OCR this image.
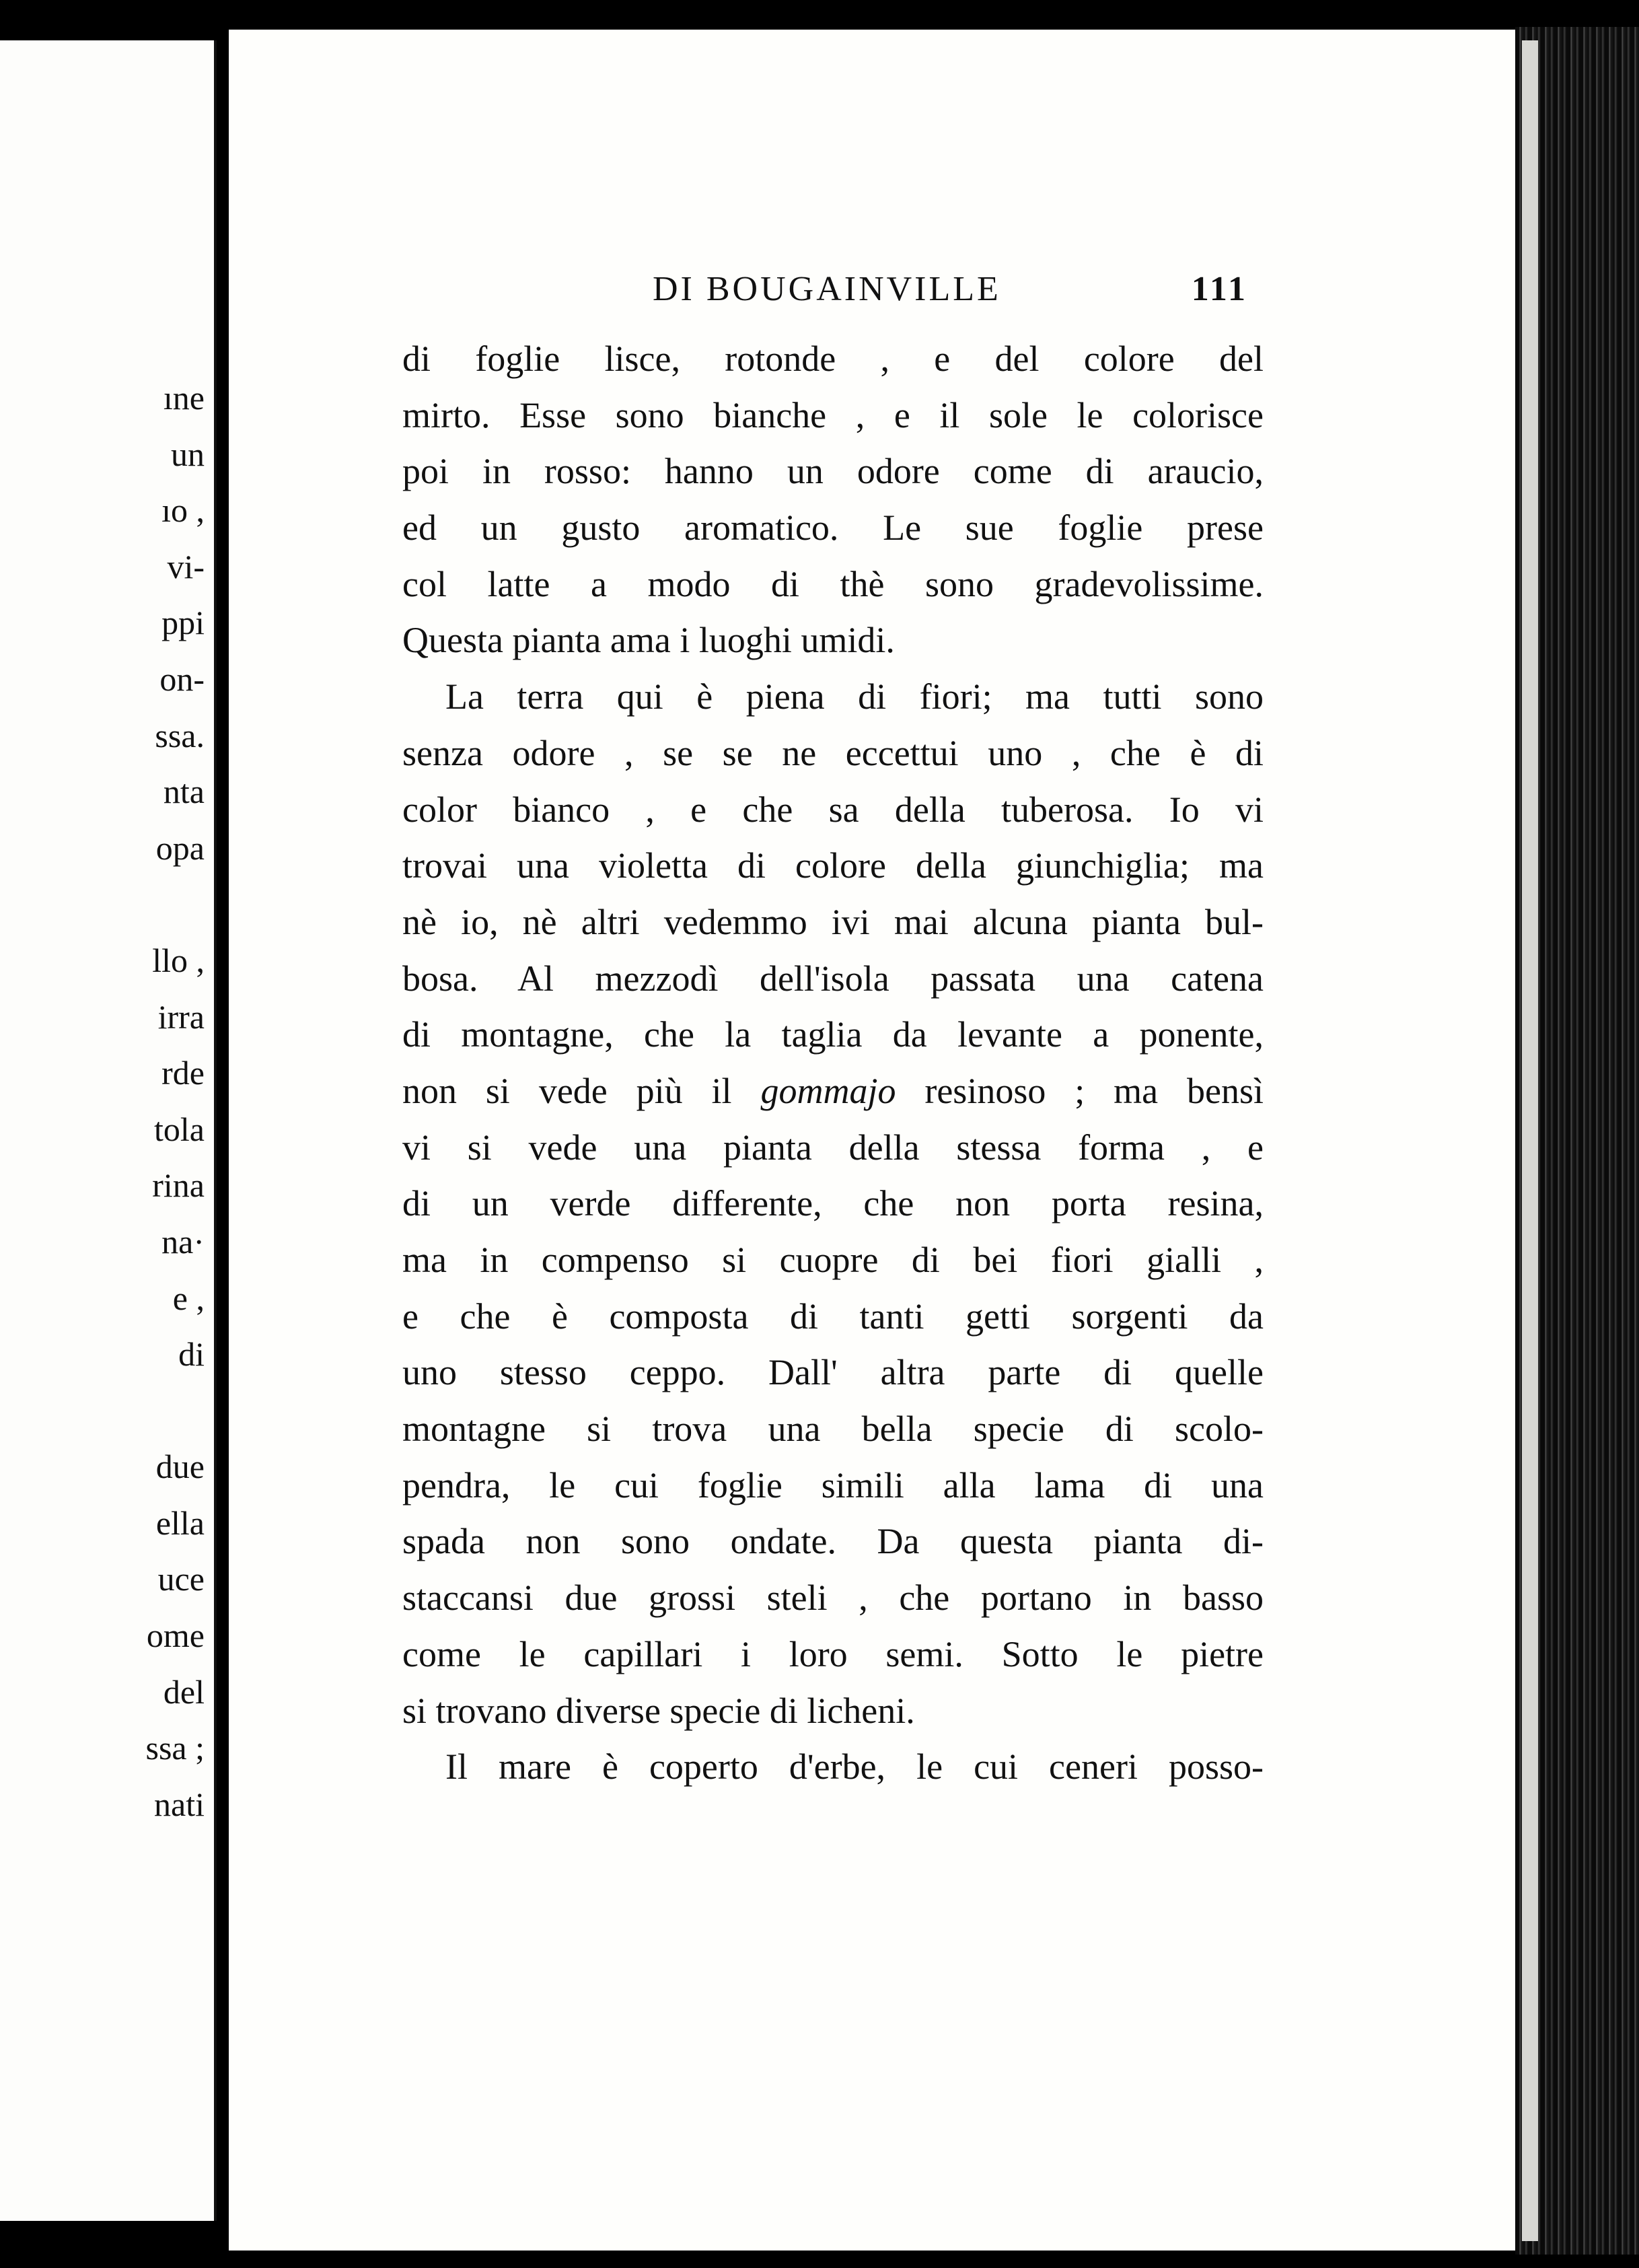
ıne
un
ıo ,
vi-
ppi
on-
ssa.
nta
opa
llo ,
irra
rde
tola
rina
na·
e ,
di
due
ella
uce
ome
del
ssa ;
nati
DI BOUGAINVILLE	111
di foglie lisce, rotonde , e del colore del
mirto. Esse sono bianche , e il sole le colorisce
poi in rosso: hanno un odore come di araucio,
ed un gusto aromatico. Le sue foglie prese
col latte a modo di thè sono gradevolissime.
Questa pianta ama i luoghi umidi.
La terra qui è piena di fiori; ma tutti sono
senza odore , se se ne eccettui uno , che è di
color bianco , e che sa della tuberosa. Io vi
trovai una violetta di colore della giunchiglia; ma
nè io, nè altri vedemmo ivi mai alcuna pianta bul-
bosa. Al mezzodì dell'isola passata una catena
di montagne, che la taglia da levante a ponente,
non si vede più il gommajo resinoso ; ma bensì
vi si vede una pianta della stessa forma , e
di un verde differente, che non porta resina,
ma in compenso si cuopre di bei fiori gialli ,
e che è composta di tanti getti sorgenti da
uno stesso ceppo. Dall' altra parte di quelle
montagne si trova una bella specie di scolo-
pendra, le cui foglie simili alla lama di una
spada non sono ondate. Da questa pianta di-
staccansi due grossi steli , che portano in basso
come le capillari i loro semi. Sotto le pietre
si trovano diverse specie di licheni.
Il mare è coperto d'erbe, le cui ceneri posso-
